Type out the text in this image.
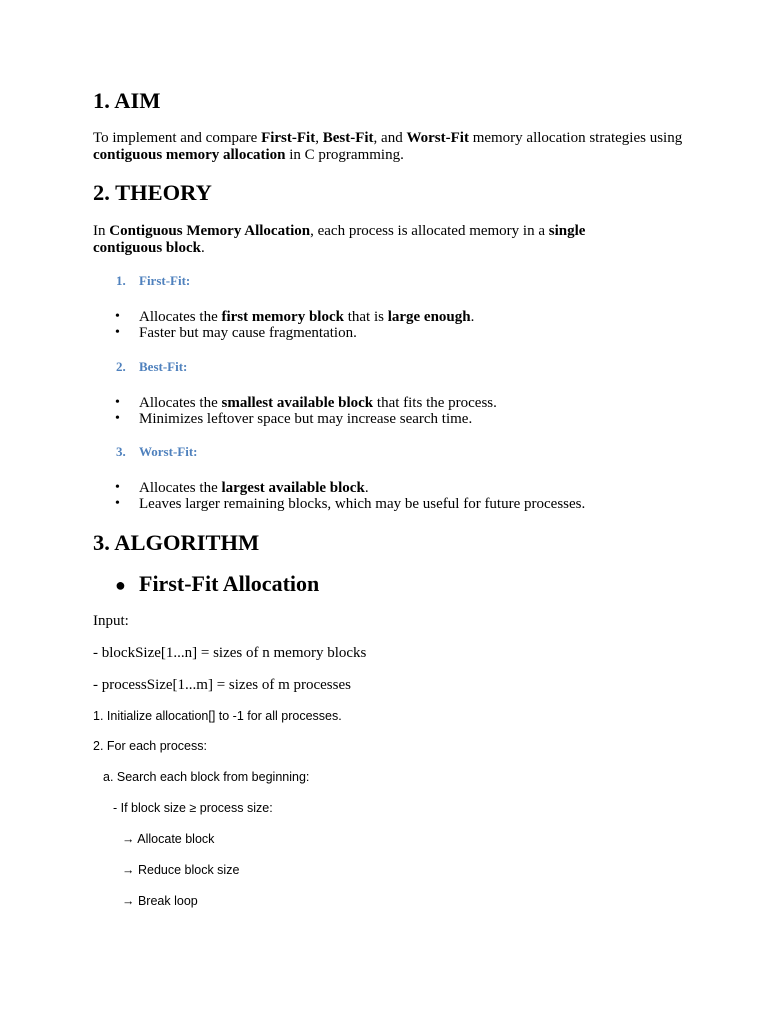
1. AIM

To implement and compare First-Fit, Best-Fit, and Worst-Fit memory allocation strategies using contiguous memory allocation in C programming.

2. THEORY

In Contiguous Memory Allocation, each process is allocated memory in a single contiguous block.

1. First-Fit:
• Allocates the first memory block that is large enough.
• Faster but may cause fragmentation.
2. Best-Fit:
• Allocates the smallest available block that fits the process.
• Minimizes leftover space but may increase search time.
3. Worst-Fit:
• Allocates the largest available block.
• Leaves larger remaining blocks, which may be useful for future processes.
3. ALGORITHM
● First-Fit Allocation
Input:
- blockSize[1...n] = sizes of n memory blocks
- processSize[1...m] = sizes of m processes
1. Initialize allocation[] to -1 for all processes.
2. For each process:
a. Search each block from beginning:
- If block size ≥ process size:
→ Allocate block
→ Reduce block size
→ Break loop
